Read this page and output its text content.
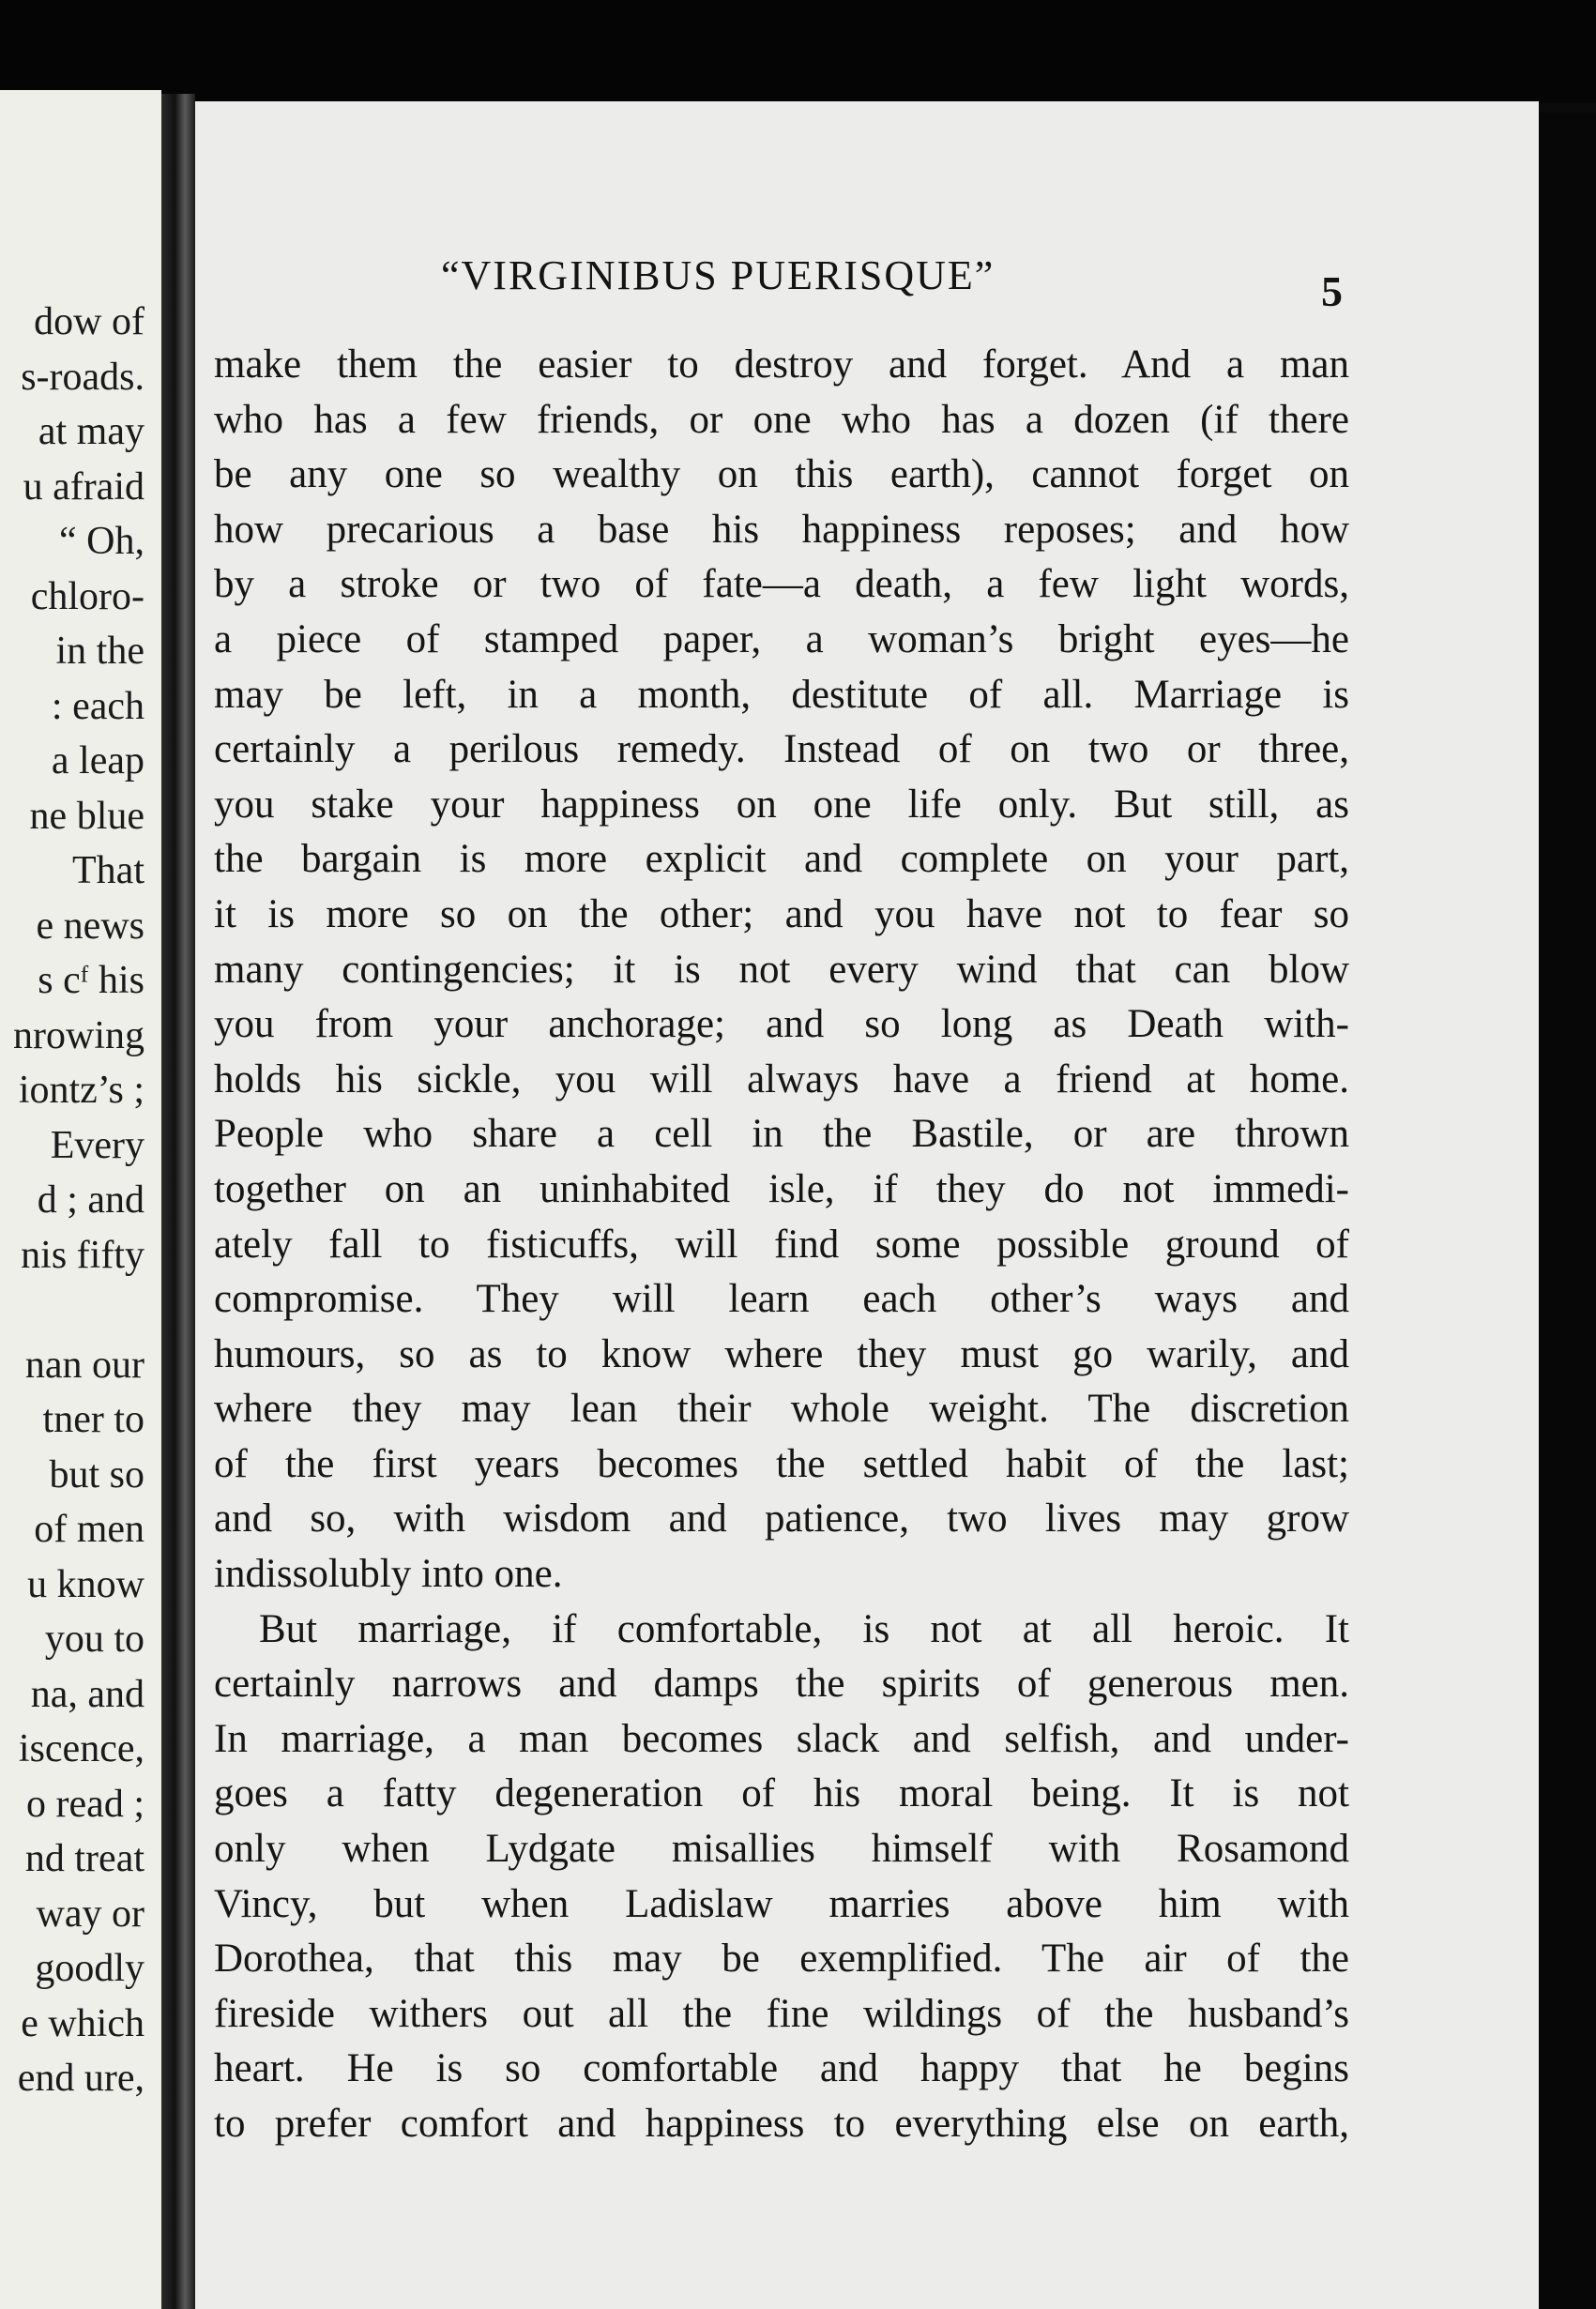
dow of
s-roads.
at may
u afraid
“ Oh,
chloro-
in the
: each
a leap
ne blue
That
e news
s cᶠ his
nrowing
iontz’s ;
Every
d ; and
nis fifty
nan our
tner to
but so
of men
u know
you to
na, and
iscence,
o read ;
nd treat
way or
goodly
e which
end ure,
“VIRGINIBUS PUERISQUE”	5
make them the easier to destroy and forget. And a man
who has a few friends, or one who has a dozen (if there
be any one so wealthy on this earth), cannot forget on
how precarious a base his happiness reposes; and how
by a stroke or two of fate—a death, a few light words,
a piece of stamped paper, a woman’s bright eyes—he
may be left, in a month, destitute of all. Marriage is
certainly a perilous remedy. Instead of on two or three,
you stake your happiness on one life only. But still, as
the bargain is more explicit and complete on your part,
it is more so on the other; and you have not to fear so
many contingencies; it is not every wind that can blow
you from your anchorage; and so long as Death with-
holds his sickle, you will always have a friend at home.
People who share a cell in the Bastile, or are thrown
together on an uninhabited isle, if they do not immedi-
ately fall to fisticuffs, will find some possible ground of
compromise. They will learn each other’s ways and
humours, so as to know where they must go warily, and
where they may lean their whole weight. The discretion
of the first years becomes the settled habit of the last;
and so, with wisdom and patience, two lives may grow
indissolubly into one.
But marriage, if comfortable, is not at all heroic. It
certainly narrows and damps the spirits of generous men.
In marriage, a man becomes slack and selfish, and under-
goes a fatty degeneration of his moral being. It is not
only when Lydgate misallies himself with Rosamond
Vincy, but when Ladislaw marries above him with
Dorothea, that this may be exemplified. The air of the
fireside withers out all the fine wildings of the husband’s
heart. He is so comfortable and happy that he begins
to prefer comfort and happiness to everything else on earth,
